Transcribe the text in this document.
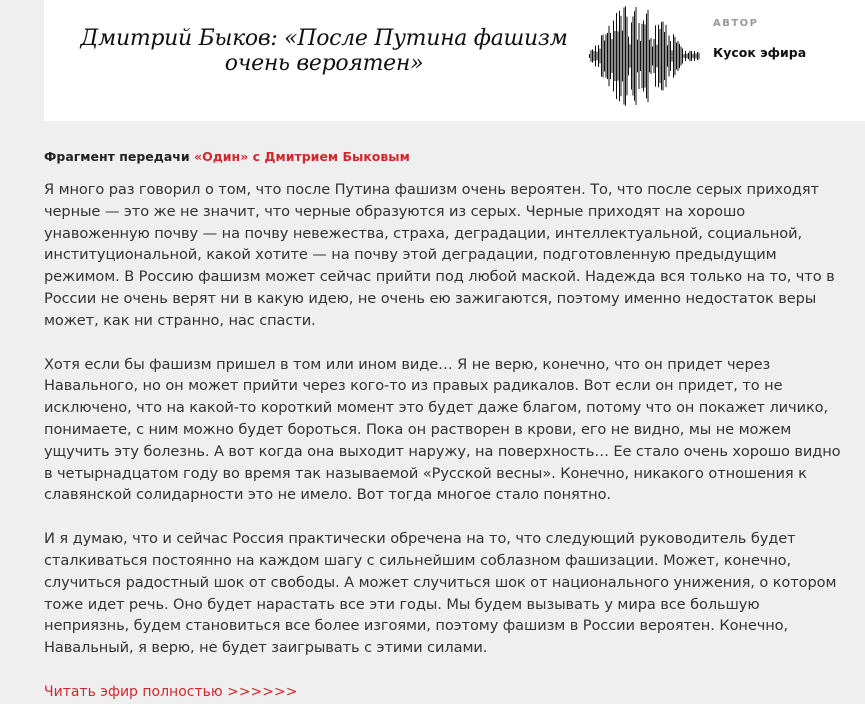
Дмитрий Быков: «После Путина фашизм очень вероятен»
АВТОР
Кусок эфира

Фрагмент передачи «Один» с Дмитрием Быковым

Я много раз говорил о том, что после Путина фашизм очень вероятен. То, что после серых приходят черные — это же не значит, что черные образуются из серых. Черные приходят на хорошо унавоженную почву — на почву невежества, страха, деградации, интеллектуальной, социальной, институциональной, какой хотите — на почву этой деградации, подготовленную предыдущим режимом. В Россию фашизм может сейчас прийти под любой маской. Надежда вся только на то, что в России не очень верят ни в какую идею, не очень ею зажигаются, поэтому именно недостаток веры может, как ни странно, нас спасти.

Хотя если бы фашизм пришел в том или ином виде… Я не верю, конечно, что он придет через Навального, но он может прийти через кого-то из правых радикалов. Вот если он придет, то не исключено, что на какой-то короткий момент это будет даже благом, потому что он покажет личико, понимаете, с ним можно будет бороться. Пока он растворен в крови, его не видно, мы не можем ущучить эту болезнь. А вот когда она выходит наружу, на поверхность… Ее стало очень хорошо видно в четырнадцатом году во время так называемой «Русской весны». Конечно, никакого отношения к славянской солидарности это не имело. Вот тогда многое стало понятно.

И я думаю, что и сейчас Россия практически обречена на то, что следующий руководитель будет сталкиваться постоянно на каждом шагу с сильнейшим соблазном фашизации. Может, конечно, случиться радостный шок от свободы. А может случиться шок от национального унижения, о котором тоже идет речь. Оно будет нарастать все эти годы. Мы будем вызывать у мира все большую неприязнь, будем становиться все более изгоями, поэтому фашизм в России вероятен. Конечно, Навальный, я верю, не будет заигрывать с этими силами.

Читать эфир полностью >>>>>>
